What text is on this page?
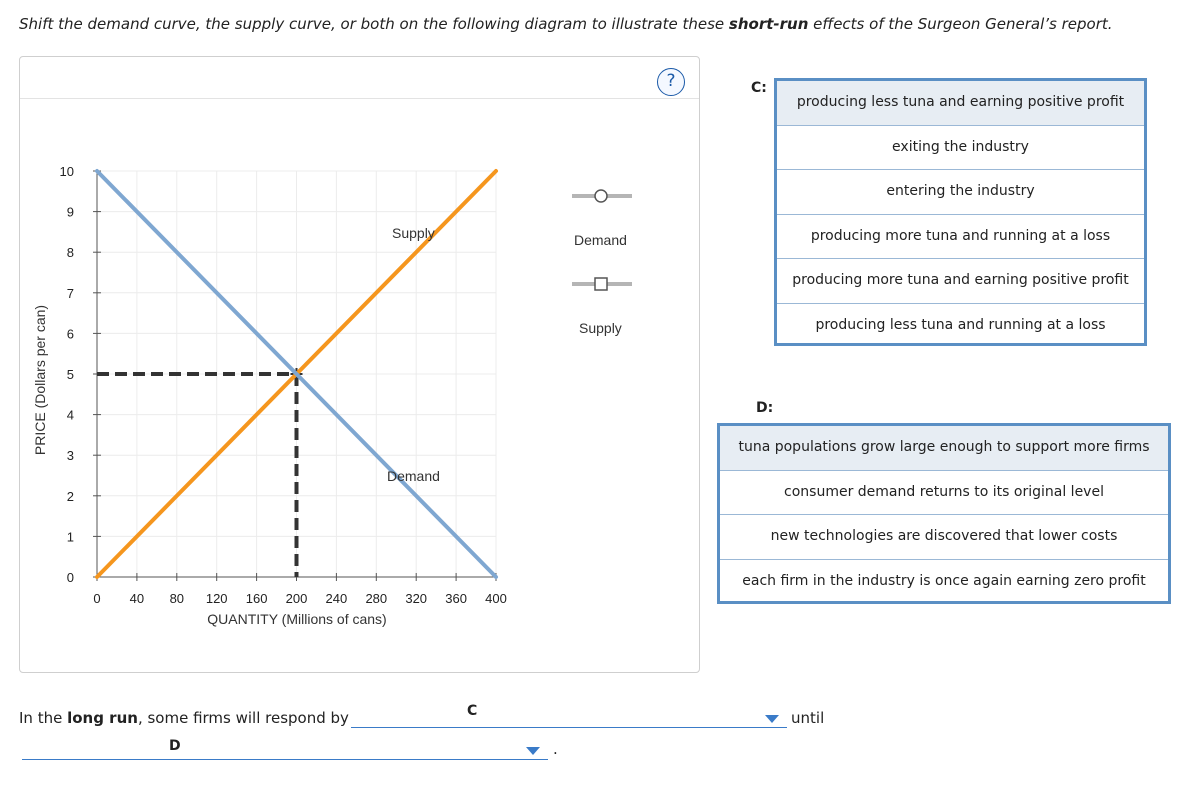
Shift the demand curve, the supply curve, or both on the following diagram to illustrate these short-run effects of the Surgeon General’s report.
?
0
1
2
3
4
5
6
7
8
9
10
0 40 80 120 160 200 240 280 320 360 400
QUANTITY (Millions of cans)
PRICE (Dollars per can)
Supply
Demand
Demand
Supply
C:
producing less tuna and earning positive profit
exiting the industry
entering the industry
producing more tuna and running at a loss
producing more tuna and earning positive profit
producing less tuna and running at a loss
D:
tuna populations grow large enough to support more firms
consumer demand returns to its original level
new technologies are discovered that lower costs
each firm in the industry is once again earning zero profit
In the long run, some firms will respond by	C	until
D	.
